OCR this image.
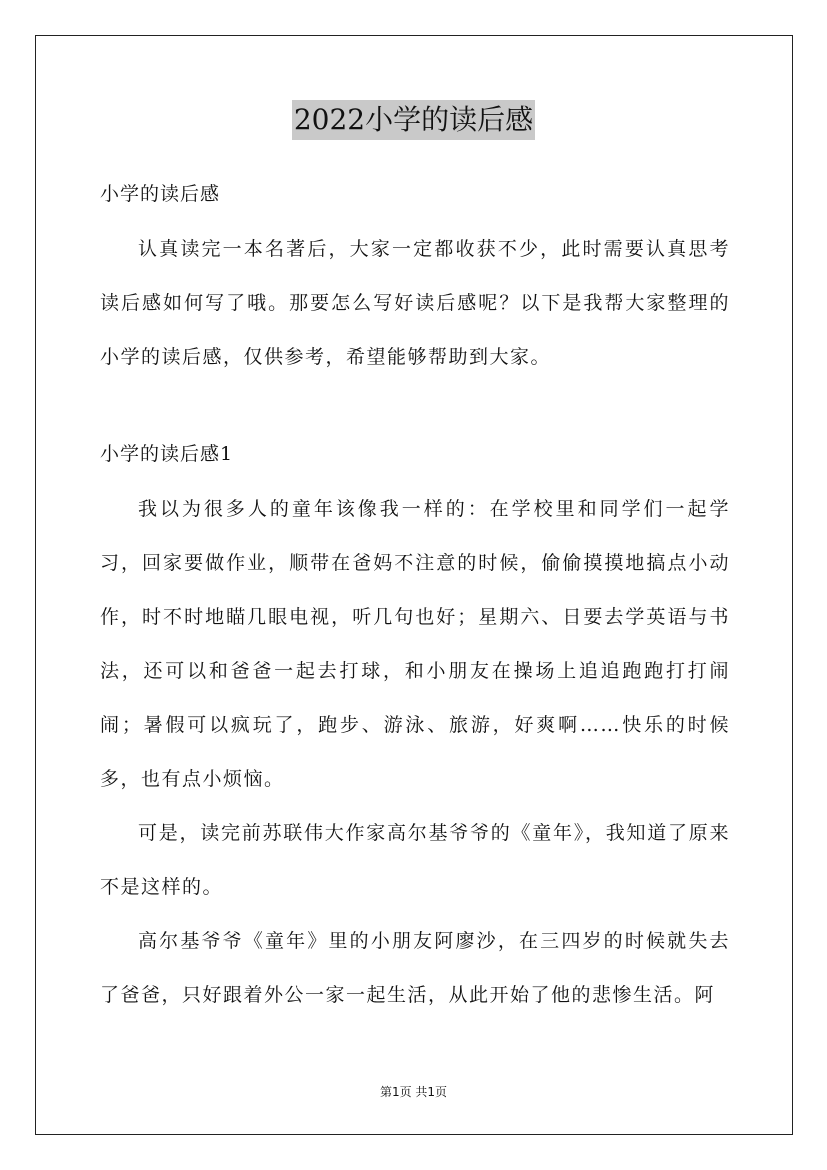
2022小学的读后感

小学的读后感

认真读完一本名著后，大家一定都收获不少，此时需要认真思考读后感如何写了哦。那要怎么写好读后感呢？以下是我帮大家整理的小学的读后感，仅供参考，希望能够帮助到大家。

小学的读后感1

我以为很多人的童年该像我一样的：在学校里和同学们一起学习，回家要做作业，顺带在爸妈不注意的时候，偷偷摸摸地搞点小动作，时不时地瞄几眼电视，听几句也好；星期六、日要去学英语与书法，还可以和爸爸一起去打球，和小朋友在操场上追追跑跑打打闹闹；暑假可以疯玩了，跑步、游泳、旅游，好爽啊……快乐的时候多，也有点小烦恼。

可是，读完前苏联伟大作家高尔基爷爷的《童年》，我知道了原来不是这样的。

高尔基爷爷《童年》里的小朋友阿廖沙，在三四岁的时候就失去了爸爸，只好跟着外公一家一起生活，从此开始了他的悲惨生活。阿

第1页 共1页
